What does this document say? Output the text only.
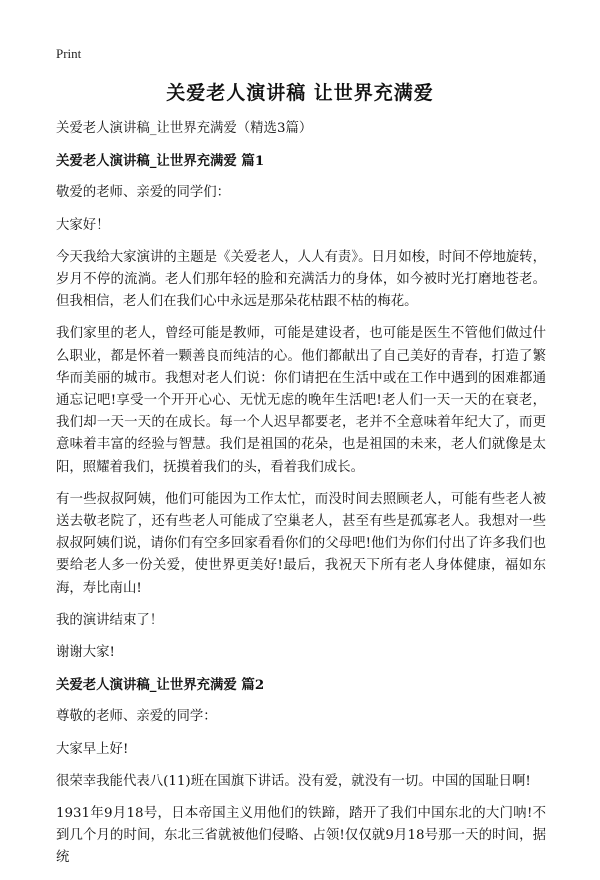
Print
关爱老人演讲稿 让世界充满爱

关爱老人演讲稿_让世界充满爱（精选3篇）

关爱老人演讲稿_让世界充满爱 篇1

敬爱的老师、亲爱的同学们：

大家好！

今天我给大家演讲的主题是《关爱老人，人人有责》。日月如梭，时间不停地旋转，岁月不停的流淌。老人们那年轻的脸和充满活力的身体，如今被时光打磨地苍老。但我相信，老人们在我们心中永远是那朵花枯跟不枯的梅花。

我们家里的老人，曾经可能是教师，可能是建设者，也可能是医生不管他们做过什么职业，都是怀着一颗善良而纯洁的心。他们都献出了自己美好的青春，打造了繁华而美丽的城市。我想对老人们说：你们请把在生活中或在工作中遇到的困难都通通忘记吧!享受一个开开心心、无忧无虑的晚年生活吧!老人们一天一天的在衰老，我们却一天一天的在成长。每一个人迟早都要老，老并不全意味着年纪大了，而更意味着丰富的经验与智慧。我们是祖国的花朵，也是祖国的未来，老人们就像是太阳，照耀着我们，抚摸着我们的头，看着我们成长。

有一些叔叔阿姨，他们可能因为工作太忙，而没时间去照顾老人，可能有些老人被送去敬老院了，还有些老人可能成了空巢老人，甚至有些是孤寡老人。我想对一些叔叔阿姨们说，请你们有空多回家看看你们的父母吧!他们为你们付出了许多我们也要给老人多一份关爱，使世界更美好!最后，我祝天下所有老人身体健康，福如东海，寿比南山!

我的演讲结束了！

谢谢大家!

关爱老人演讲稿_让世界充满爱 篇2

尊敬的老师、亲爱的同学：

大家早上好!

很荣幸我能代表八(11)班在国旗下讲话。没有爱，就没有一切。中国的国耻日啊!

1931年9月18号，日本帝国主义用他们的铁蹄，踏开了我们中国东北的大门呐!不到几个月的时间，东北三省就被他们侵略、占领!仅仅就9月18号那一天的时间，据统
